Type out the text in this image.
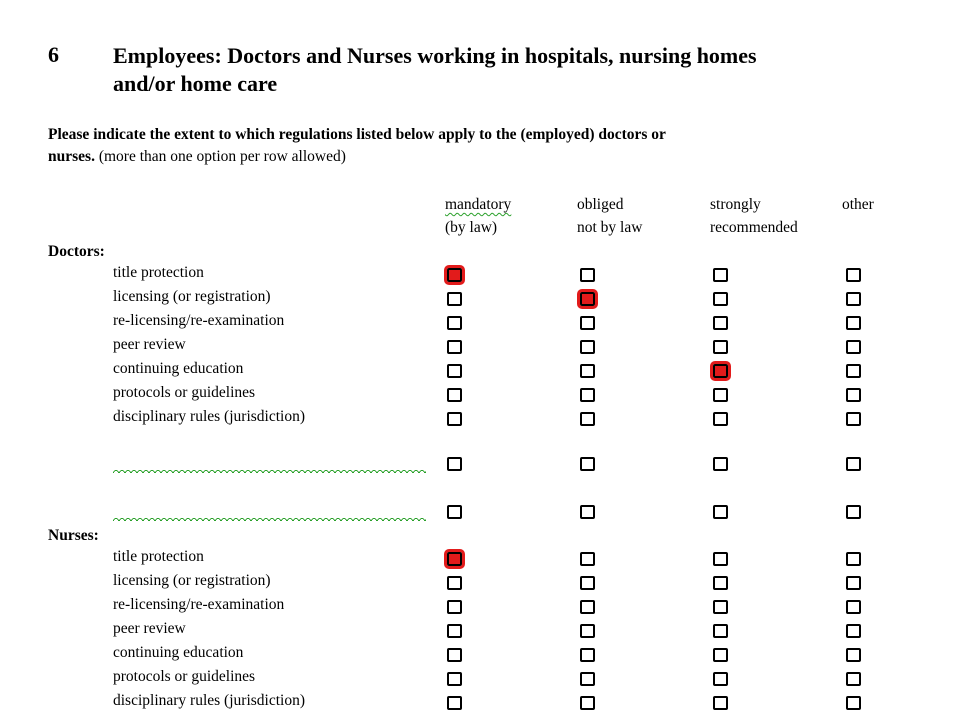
6 Employees: Doctors and Nurses working in hospitals, nursing homes
and/or home care
Please indicate the extent to which regulations listed below apply to the (employed) doctors or
nurses. (more than one option per row allowed)
mandatory
(by law)
obliged
not by law
strongly
recommended
other
Doctors:
title protection
licensing (or registration)
re-licensing/re-examination
peer review
continuing education
protocols or guidelines
disciplinary rules (jurisdiction)
Nurses:
title protection
licensing (or registration)
re-licensing/re-examination
peer review
continuing education
protocols or guidelines
disciplinary rules (jurisdiction)
